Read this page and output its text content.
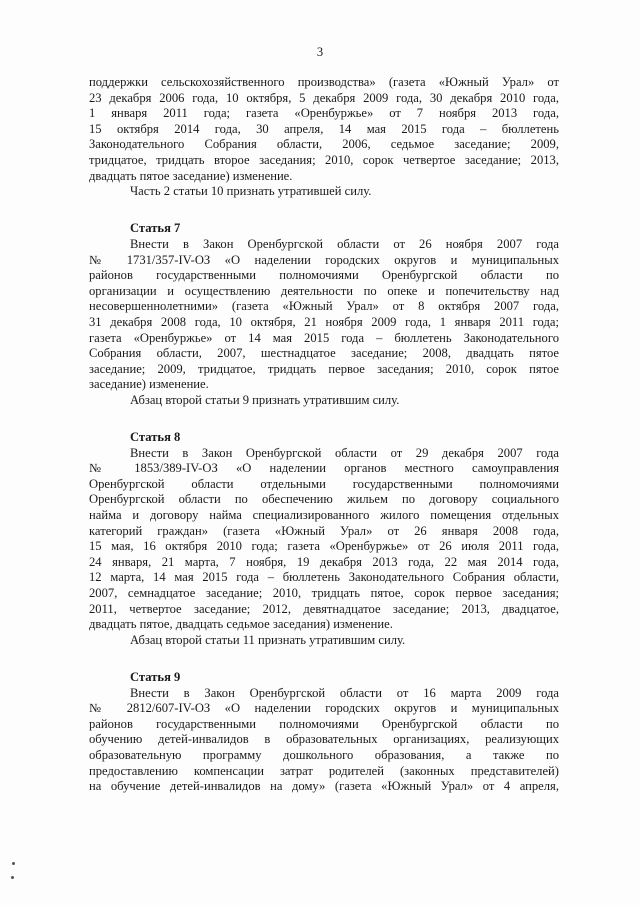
3
поддержки сельскохозяйственного производства» (газета «Южный Урал» от
23 декабря 2006 года, 10 октября, 5 декабря 2009 года, 30 декабря 2010 года,
1 января 2011 года; газета «Оренбуржье» от 7 ноября 2013 года,
15 октября 2014 года, 30 апреля, 14 мая 2015 года – бюллетень
Законодательного Собрания области, 2006, седьмое заседание; 2009,
тридцатое, тридцать второе заседания; 2010, сорок четвертое заседание; 2013,
двадцать пятое заседание) изменение.
Часть 2 статьи 10 признать утратившей силу.
Статья 7
Внести в Закон Оренбургской области от 26 ноября 2007 года
№ 1731/357-IV-ОЗ «О наделении городских округов и муниципальных
районов государственными полномочиями Оренбургской области по
организации и осуществлению деятельности по опеке и попечительству над
несовершеннолетними» (газета «Южный Урал» от 8 октября 2007 года,
31 декабря 2008 года, 10 октября, 21 ноября 2009 года, 1 января 2011 года;
газета «Оренбуржье» от 14 мая 2015 года – бюллетень Законодательного
Собрания области, 2007, шестнадцатое заседание; 2008, двадцать пятое
заседание; 2009, тридцатое, тридцать первое заседания; 2010, сорок пятое
заседание) изменение.
Абзац второй статьи 9 признать утратившим силу.
Статья 8
Внести в Закон Оренбургской области от 29 декабря 2007 года
№ 1853/389-IV-ОЗ «О наделении органов местного самоуправления
Оренбургской области отдельными государственными полномочиями
Оренбургской области по обеспечению жильем по договору социального
найма и договору найма специализированного жилого помещения отдельных
категорий граждан» (газета «Южный Урал» от 26 января 2008 года,
15 мая, 16 октября 2010 года; газета «Оренбуржье» от 26 июля 2011 года,
24 января, 21 марта, 7 ноября, 19 декабря 2013 года, 22 мая 2014 года,
12 марта, 14 мая 2015 года – бюллетень Законодательного Собрания области,
2007, семнадцатое заседание; 2010, тридцать пятое, сорок первое заседания;
2011, четвертое заседание; 2012, девятнадцатое заседание; 2013, двадцатое,
двадцать пятое, двадцать седьмое заседания) изменение.
Абзац второй статьи 11 признать утратившим силу.
Статья 9
Внести в Закон Оренбургской области от 16 марта 2009 года
№ 2812/607-IV-ОЗ «О наделении городских округов и муниципальных
районов государственными полномочиями Оренбургской области по
обучению детей-инвалидов в образовательных организациях, реализующих
образовательную программу дошкольного образования, а также по
предоставлению компенсации затрат родителей (законных представителей)
на обучение детей-инвалидов на дому» (газета «Южный Урал» от 4 апреля,
